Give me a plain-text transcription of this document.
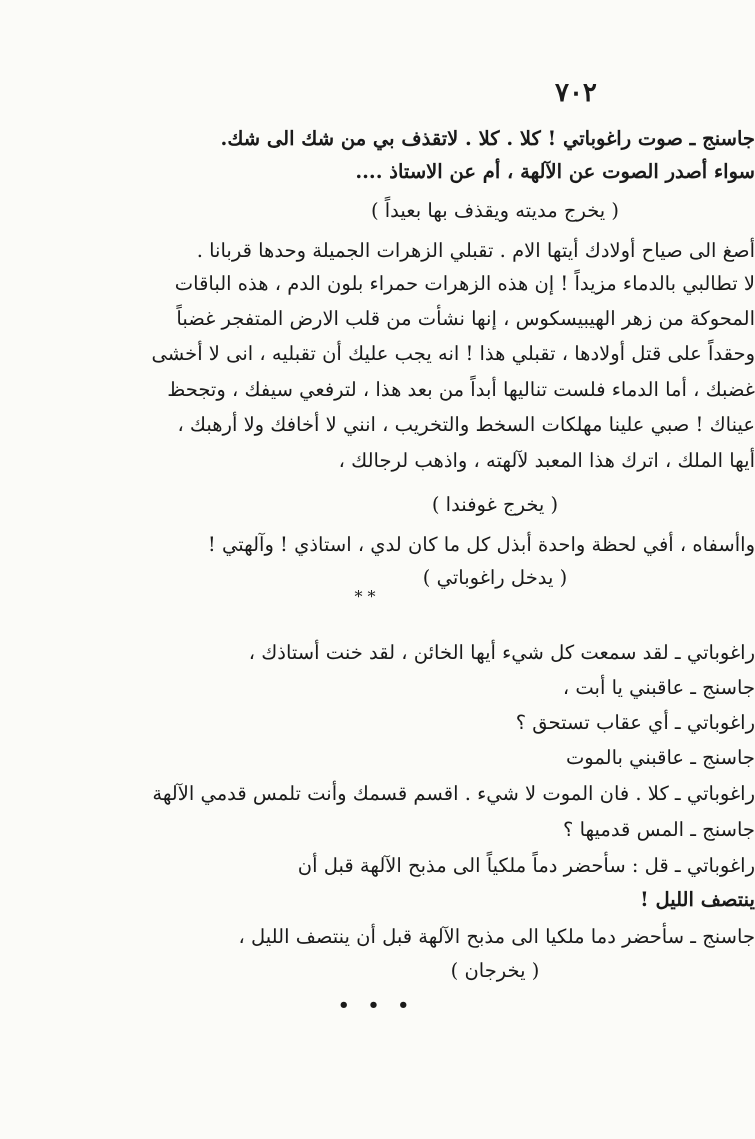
٧٠٢
جاسنج ـ صوت راغوباتي ! كلا . كلا . لاتقذف بي من شك الى شك.
سواء أصدر الصوت عن الآلهة ، أم عن الاستاذ ....
( يخرج مديته ويقذف بها بعيداً )
أصغ الى صياح أولادك أيتها الام . تقبلي الزهرات الجميلة وحدها قربانا .
لا تطالبي بالدماء مزيداً ! إن هذه الزهرات حمراء بلون الدم ، هذه الباقات
المحوكة من زهر الهيبيسكوس ، إنها نشأت من قلب الارض المتفجر غضباً
وحقداً على قتل أولادها ، تقبلي هذا ! انه يجب عليك أن تقبليه ، انى لا أخشى
غضبك ، أما الدماء فلست تناليها أبداً من بعد هذا ، لترفعي سيفك ، وتجحظ
عيناك ! صبي علينا مهلكات السخط والتخريب ، انني لا أخافك ولا أرهبك ،
أيها الملك ، اترك هذا المعبد لآلهته ، واذهب لرجالك ،
( يخرج غوفندا )
واأسفاه ، أفي لحظة واحدة أبذل كل ما كان لدي ، استاذي ! وآلهتي !
( يدخل راغوباتي )
* *
راغوباتي ـ لقد سمعت كل شيء أيها الخائن ، لقد خنت أستاذك ،
جاسنج ـ عاقبني يا أبت ،
راغوباتي ـ أي عقاب تستحق ؟
جاسنج ـ عاقبني بالموت
راغوباتي ـ كلا . فان الموت لا شيء . اقسم قسمك وأنت تلمس قدمي الآلهة
جاسنج ـ المس قدميها ؟
راغوباتي ـ قل : سأحضر دماً ملكياً الى مذبح الآلهة قبل أن
ينتصف الليل !
جاسنج ـ سأحضر دما ملكيا الى مذبح الآلهة قبل أن ينتصف الليل ،
( يخرجان )
• • •
